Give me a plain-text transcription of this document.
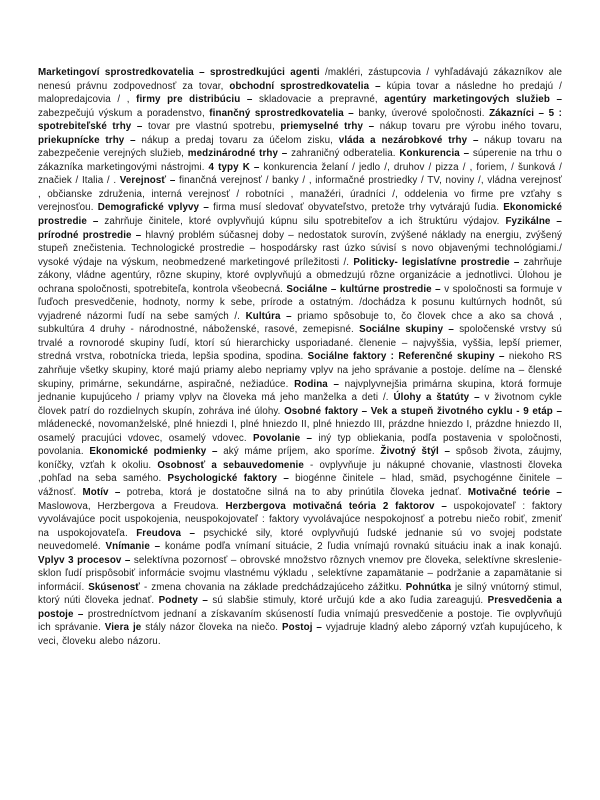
Marketingoví sprostredkovatelia – sprostredkujúci agenti /makléri, zástupcovia / vyhľadávajú zákazníkov ale nenesú právnu zodpovednosť za tovar, obchodní sprostredkovatelia – kúpia tovar a následne ho predajú / malopredajcovia / , firmy pre distribúciu – skladovacie a prepravné, agentúry marketingových služieb – zabezpečujú výskum a poradenstvo, finančný sprostredkovatelia – banky, úverové spoločnosti. Zákazníci – 5 : spotrebiteľské trhy – tovar pre vlastnú spotrebu, priemyselné trhy – nákup tovaru pre výrobu iného tovaru, priekupnícke trhy – nákup a predaj tovaru za účelom zisku, vláda a nezárobkové trhy – nákup tovaru na zabezpečenie verejných služieb, medzinárodné trhy – zahraničný odberatelia. Konkurencia – súperenie na trhu o zákazníka marketingovými nástrojmi. 4 typy K – konkurencia želaní / jedlo /, druhov / pizza / , foriem, / šunková / značiek / Italia / . Verejnosť – finančná verejnosť / banky / , informačné prostriedky / TV, noviny /, vládna verejnosť , občianske združenia, interná verejnosť / robotníci , manažéri, úradníci /, oddelenia vo firme pre vzťahy s verejnosťou. Demografické vplyvy – firma musí sledovať obyvateľstvo, pretože trhy vytvárajú ľudia. Ekonomické prostredie – zahrňuje činitele, ktoré ovplyvňujú kúpnu silu spotrebiteľov a ich štruktúru výdajov. Fyzikálne – prírodné prostredie – hlavný problém súčasnej doby – nedostatok surovín, zvýšené náklady na energiu, zvýšený stupeň znečistenia. Technologické prostredie – hospodársky rast úzko súvisí s novo objavenými technológiami./ vysoké výdaje na výskum, neobmedzené marketingové príležitosti /. Politicky- legislatívne prostredie – zahrňuje zákony, vládne agentúry, rôzne skupiny, ktoré ovplyvňujú a obmedzujú rôzne organizácie a jednotlivci. Úlohou je ochrana spoločnosti, spotrebiteľa, kontrola všeobecná. Sociálne – kultúrne prostredie – v spoločnosti sa formuje v ľuďoch presvedčenie, hodnoty, normy k sebe, prírode a ostatným. /dochádza k posunu kultúrnych hodnôt, sú vyjadrené názormi ľudí na sebe samých /. Kultúra – priamo spôsobuje to, čo človek chce a ako sa chová , subkultúra 4 druhy - národnostné, náboženské, rasové, zemepisné. Sociálne skupiny – spoločenské vrstvy sú trvalé a rovnorodé skupiny ľudí, ktorí sú hierarchicky usporiadané. členenie – najvyššia, vyššia, lepší priemer, stredná vrstva, robotnícka trieda, lepšia spodina, spodina. Sociálne faktory : Referenčné skupiny – niekoho RS zahrňuje všetky skupiny, ktoré majú priamy alebo nepriamy vplyv na jeho správanie a postoje. delíme na – členské skupiny, primárne, sekundárne, aspiračné, nežiadúce. Rodina – najvplyvnejšia primárna skupina, ktorá formuje jednanie kupujúceho / priamy vplyv na človeka má jeho manželka a deti /. Úlohy a štatúty – v životnom cykle človek patrí do rozdielnych skupín, zohráva iné úlohy. Osobné faktory – Vek a stupeň životného cyklu - 9 etáp – mládenecké, novomanželské, plné hniezdi I, plné hniezdo II, plné hniezdo III, prázdne hniezdo I, prázdne hniezdo II, osamelý pracujúci vdovec, osamelý vdovec. Povolanie – iný typ obliekania, podľa postavenia v spoločnosti, povolania. Ekonomické podmienky – aký máme príjem, ako sporíme. Životný štýl – spôsob života, záujmy, koníčky, vzťah k okoliu. Osobnosť a sebauvedomenie - ovplyvňuje ju nákupné chovanie, vlastnosti človeka ,pohľad na seba samého. Psychologické faktory – biogénne činitele – hlad, smäd, psychogénne činitele – vážnosť. Motív – potreba, ktorá je dostatočne silná na to aby prinútila človeka jednať. Motivačné teórie – Maslowova, Herzbergova a Freudova. Herzbergova motivačná teória 2 faktorov – uspokojovateľ : faktory vyvolávajúce pocit uspokojenia, neuspokojovateľ : faktory vyvolávajúce nespokojnosť a potrebu niečo robiť, zmeniť na uspokojovateľa. Freudova – psychické sily, ktoré ovplyvňujú ľudské jednanie sú vo svojej podstate neuvedomelé. Vnímanie – konáme podľa vnímaní situácie, 2 ľudia vnímajú rovnakú situáciu inak a inak konajú. Vplyv 3 procesov – selektívna pozornosť – obrovské množstvo rôznych vnemov pre človeka, selektívne skreslenie- sklon ľudí prispôsobiť informácie svojmu vlastnému výkladu , selektívne zapamätanie – podržanie a zapamätanie si informácií. Skúsenosť - zmena chovania na základe predchádzajúceho zážitku. Pohnútka je silný vnútorný stimul, ktorý núti človeka jednať. Podnety – sú slabšie stimuly, ktoré určujú kde a ako ľudia zareagujú. Presvedčenia a postoje – prostredníctvom jednaní a získavaním skúseností ľudia vnímajú presvedčenie a postoje. Tie ovplyvňujú ich správanie. Viera je stály názor človeka na niečo. Postoj – vyjadruje kladný alebo záporný vzťah kupujúceho, k veci, človeku alebo názoru.
